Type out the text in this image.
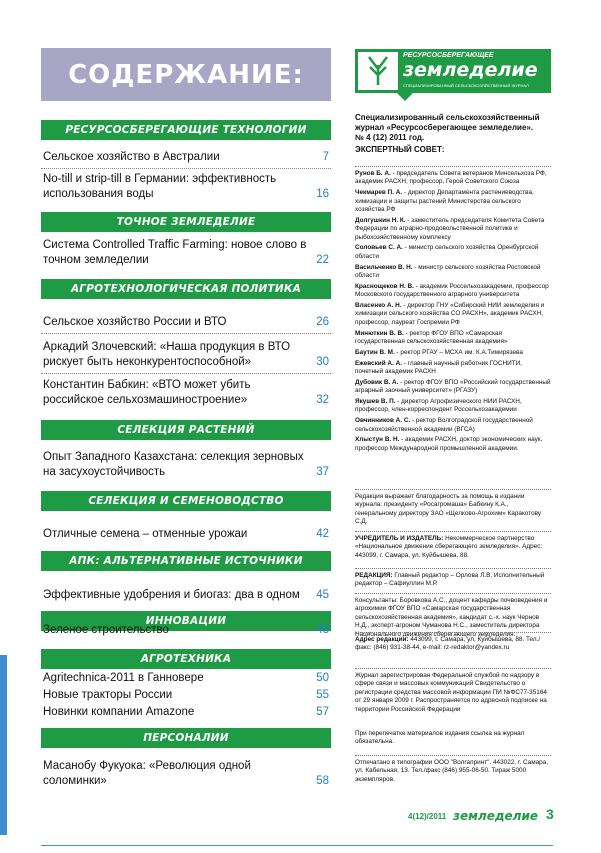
СОДЕРЖАНИЕ:
РЕСУРСОСБЕРЕГАЮЩИЕ ТЕХНОЛОГИИ
Сельское хозяйство в Австралии	7
No-till и strip-till в Германии: эффективность использования воды	16
ТОЧНОЕ ЗЕМЛЕДЕЛИЕ
Система Controlled Traffic Farming: новое слово в точном земледелии	22
АГРОТЕХНОЛОГИЧЕСКАЯ ПОЛИТИКА
Сельское хозяйство России и ВТО	26
Аркадий Злочевский: «Наша продукция в ВТО рискует быть неконкурентоспособной»	30
Константин Бабкин: «ВТО может убить российское сельхозмашиностроение»	32
СЕЛЕКЦИЯ РАСТЕНИЙ
Опыт Западного Казахстана: селекция зерновых на засухоустойчивость	37
СЕЛЕКЦИЯ И СЕМЕНОВОДСТВО
Отличные семена – отменные урожаи	42
АПК: АЛЬТЕРНАТИВНЫЕ ИСТОЧНИКИ ЭНЕРГИИ
Эффективные удобрения и биогаз: два в одном 45
ИННОВАЦИИ
Зеленое строительство	48
АГРОТЕХНИКА
Agritechnica-2011 в Ганновере	50
Новые тракторы России	55
Новинки компании Amazone	57
ПЕРСОНАЛИИ
Масанобу Фукуока: «Революция одной соломинки»	58
РЕСУРСОСБЕРЕГАЮЩЕЕ
земледелие
СПЕЦИАЛИЗИРОВАННЫЙ СЕЛЬСКОХОЗЯЙСТВЕННЫЙ ЖУРНАЛ
Специализированный сельскохозяйственный журнал «Ресурсосберегающее земледелие».
№ 4 (12) 2011 год.
ЭКСПЕРТНЫЙ СОВЕТ:
Рунов Б. А. - председатель Совета ветеранов Минсельхоза РФ, академик РАСХН, профессор, Герой Советского Союза
Чекмарев П. А. - директор Департамента растениеводства, химизации и защиты растений Министерства сельского хозяйства РФ
Долгушкин Н. К. - заместитель председателя Комитета Совета Федерации по аграрно-продовольственной политике и рыбохозяйственному комплексу
Соловьев С. А. - министр сельского хозяйства Оренбургской области
Васильченко В. Н. - министр сельского хозяйства Ростовской области
Краснощеков Н. В. - академик Россельхозакадемии, профессор Московского государственного аграрного университета
Власенко А. Н. - директор ГНУ «Сибирский НИИ земледелия и химизации сельского хозяйства СО РАСХН», академик РАСХН, профессор, лауреат Госпремии РФ
Минюткин В. В. - ректор ФГОУ ВПО «Самарская государственная сельскохозяйственная академия»
Баутин В. М. - ректор РГАУ – МСХА им. К.А.Тимирязева
Ежевский А. А. - главный научный работник ГОСНИТИ, почетный академик РАСХН
Дубовик В. А. - ректор ФГОУ ВПО «Российский государственный аграрный заочный университет» (РГАЗУ)
Якушев В. П. - директор Агрофизического НИИ РАСХН, профессор, член-корреспондент Россельхозакадемии
Овчинников А. С. - ректор Волгоградской государственной сельскохозяйственной академии (ВГСА)
Хлыстун В. Н. - академик РАСХН, доктор экономических наук, профессор Международной промышленной академии.
Редакция выражает благодарность за помощь в издании журнала: президенту «Росагромаша» Бабкину К.А., генеральному директору ЗАО «Щелково-Агрохим» Каракотову С.Д.
УЧРЕДИТЕЛЬ И ИЗДАТЕЛЬ: Некоммерческое партнерство «Национальное движение сберегающего земледелия». Адрес: 443099, г. Самара, ул. Куйбышева, 88.
РЕДАКЦИЯ: Главный редактор – Орлова Л.В. Исполнительный редактор – Сафиуллин М.Р.
Консультанты: Боровкова А.С., доцент кафедры почвоведения и агрохимии ФГОУ ВПО «Самарская государственная сельскохозяйственная академия», кандидат с.-х. наук Чернов Н.Д., эксперт-агроном Чуманова Н.С., заместитель директора Национального движения сберегающего земледелия.
Адрес редакции: 443099, г. Самара, ул. Куйбышева, 88. Тел./факс: (846) 931-38-44, e-mail: rz-redaktor@yandex.ru
Журнал зарегистрирован Федеральной службой по надзору в сфере связи и массовых коммуникаций Свидетельство о регистрации средства массовой информации ПИ №ФС77-35164 от 29 января 2009 г. Распространяется по адресной подписке на территории Российской Федерации
При перепечатке материалов издания ссылка на журнал обязательна.
Отпечатано в типографии ООО "Волгапринт". 443022, г. Самара, ул. Кабельная, 13. Тел./факс (846) 955-06-50. Тираж 5000 экземпляров.
4(12)/2011 земледелие 3
